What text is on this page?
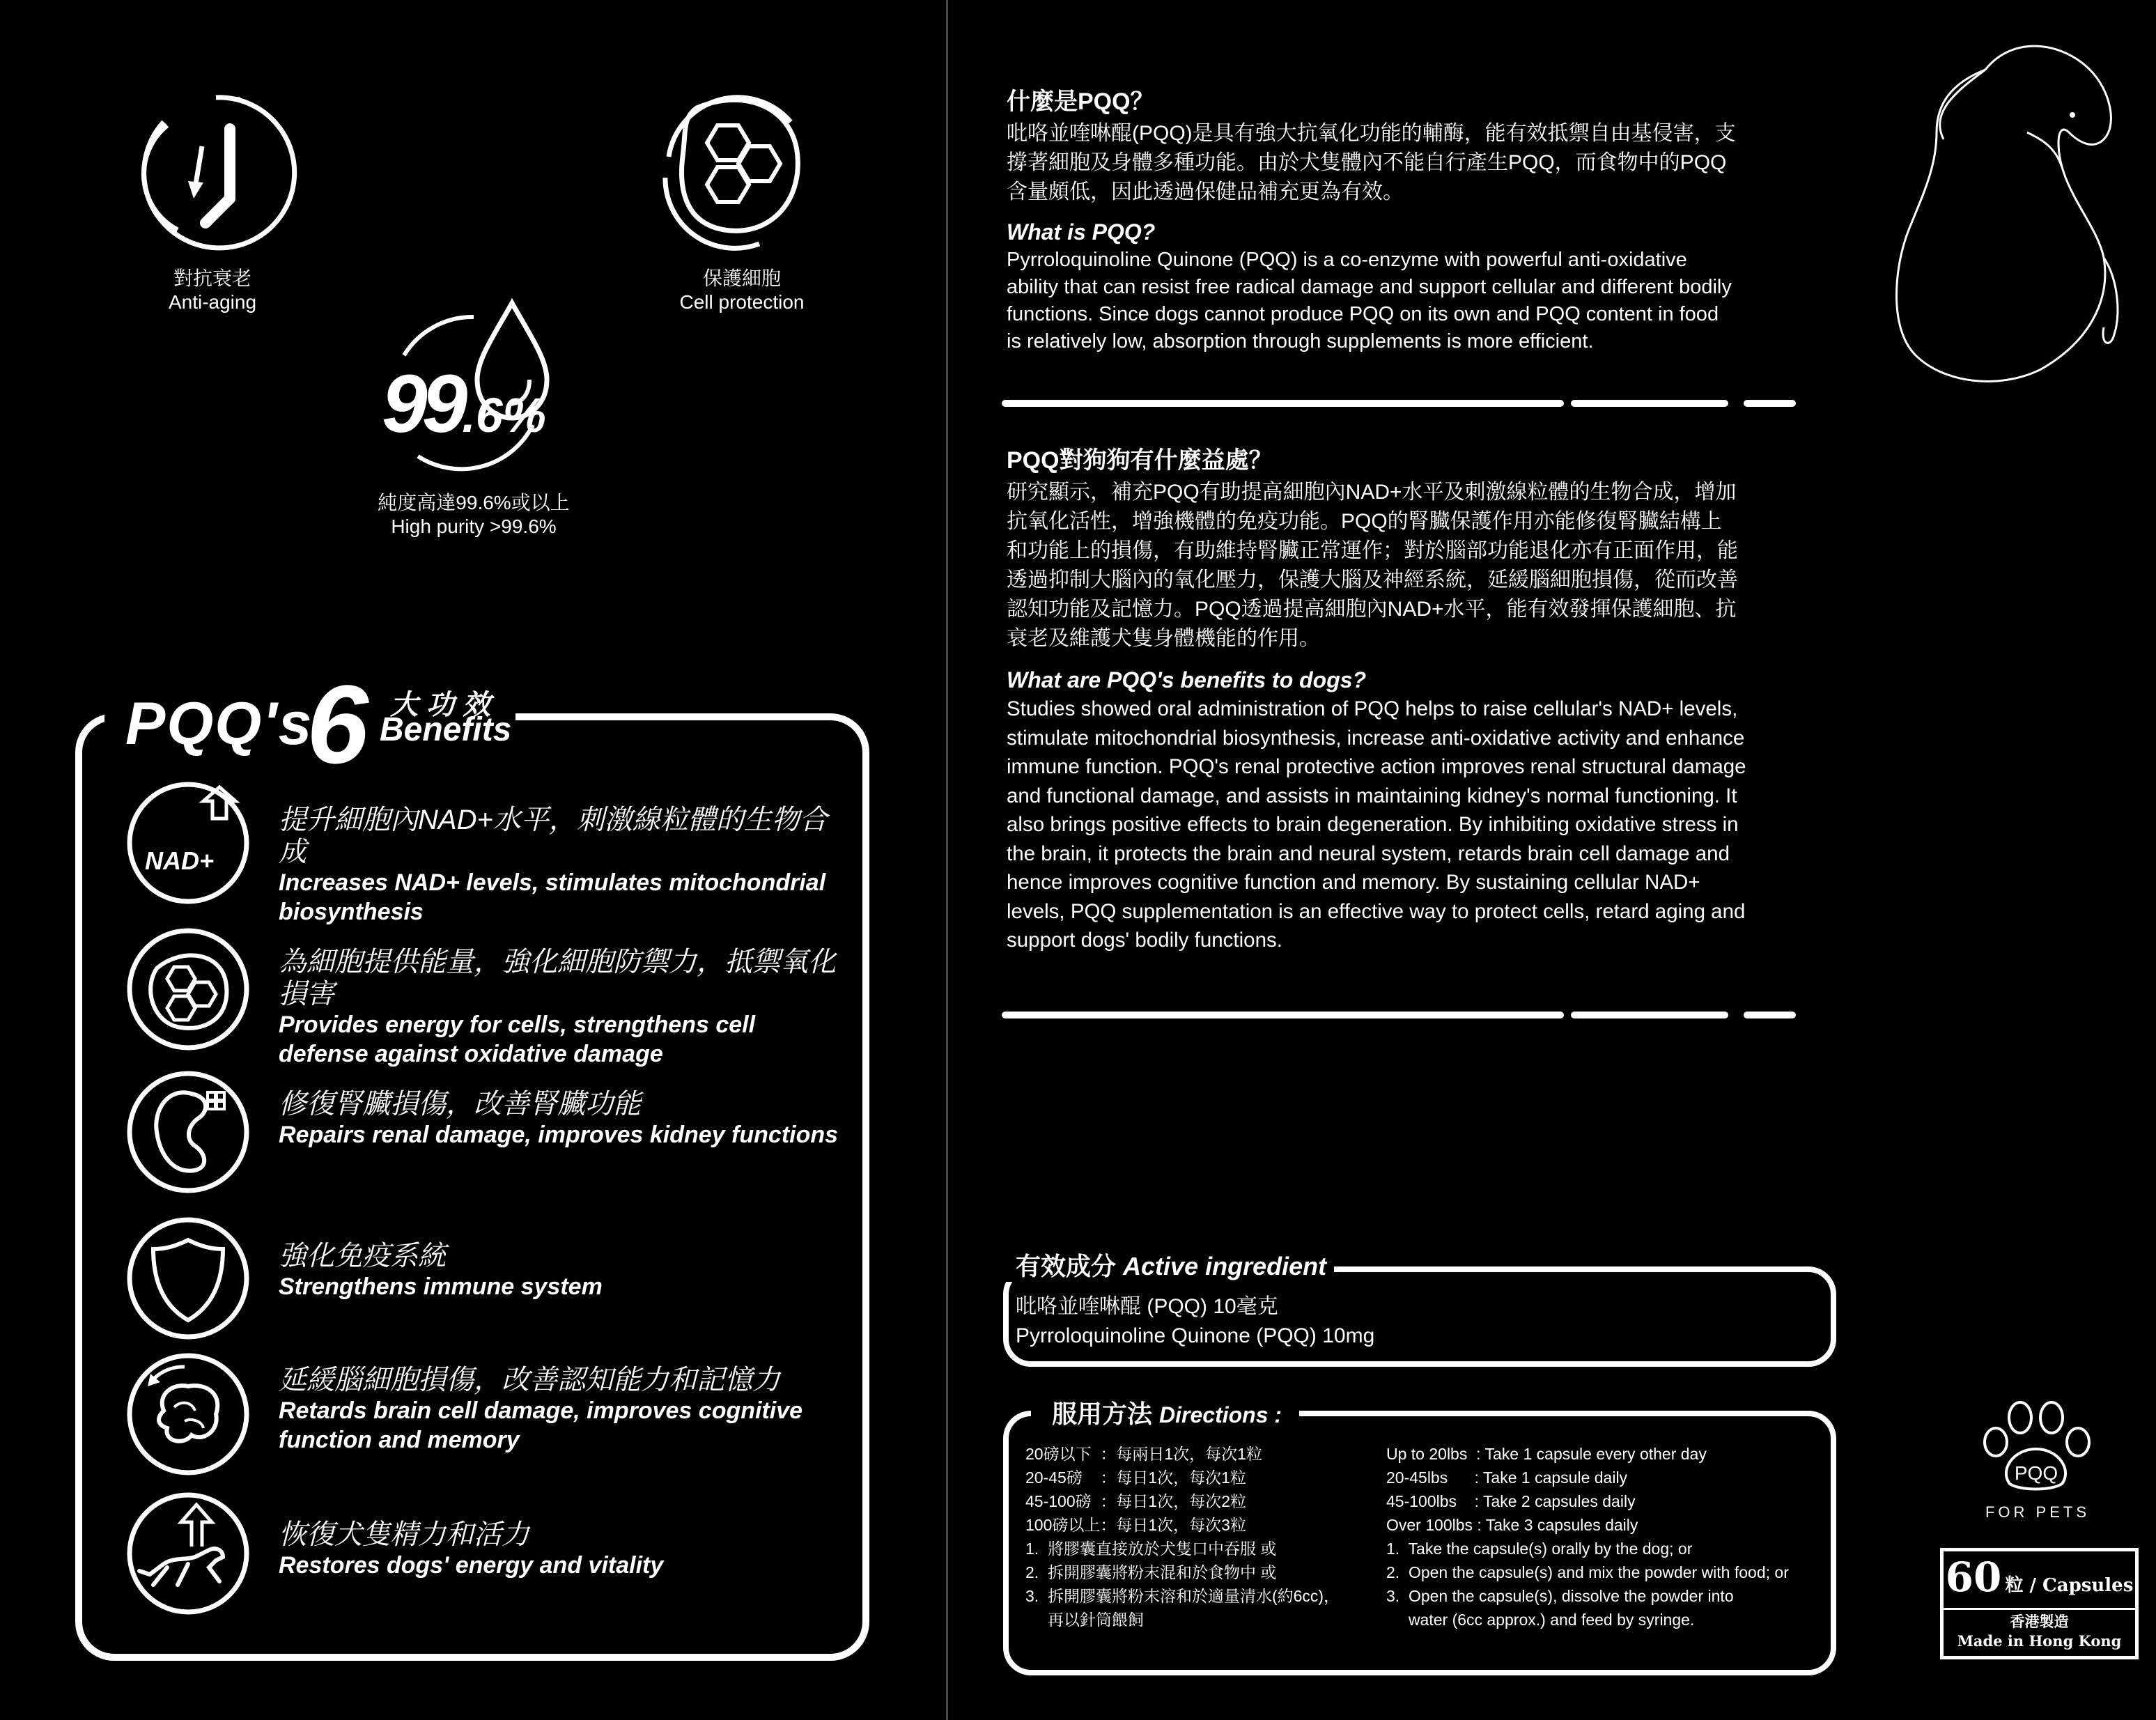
對抗衰老
Anti-aging
保護細胞
Cell protection
99.6%
純度高達99.6%或以上
High purity >99.6%
PQQ's
6 大功效
Benefits
NAD+
提升細胞內NAD+水平，刺激線粒體的生物合成
Increases NAD+ levels, stimulates mitochondrial
biosynthesis
為細胞提供能量，強化細胞防禦力，抵禦氧化損害
Provides energy for cells, strengthens cell
defense against oxidative damage
修復腎臟損傷，改善腎臟功能
Repairs renal damage, improves kidney functions
強化免疫系統
Strengthens immune system
延緩腦細胞損傷，改善認知能力和記憶力
Retards brain cell damage, improves cognitive
function and memory
恢復犬隻精力和活力
Restores dogs' energy and vitality
什麼是PQQ？
吡咯並喹啉醌(PQQ)是具有強大抗氧化功能的輔酶，能有效抵禦自由基侵害，支
撐著細胞及身體多種功能。由於犬隻體內不能自行產生PQQ，而食物中的PQQ
含量頗低，因此透過保健品補充更為有效。
What is PQQ?
Pyrroloquinoline Quinone (PQQ) is a co-enzyme with powerful anti-oxidative
ability that can resist free radical damage and support cellular and different bodily
functions. Since dogs cannot produce PQQ on its own and PQQ content in food
is relatively low, absorption through supplements is more efficient.
PQQ對狗狗有什麼益處？
研究顯示，補充PQQ有助提高細胞內NAD+水平及刺激線粒體的生物合成，增加
抗氧化活性，增強機體的免疫功能。PQQ的腎臟保護作用亦能修復腎臟結構上
和功能上的損傷，有助維持腎臟正常運作；對於腦部功能退化亦有正面作用，能
透過抑制大腦內的氧化壓力，保護大腦及神經系統，延緩腦細胞損傷，從而改善
認知功能及記憶力。PQQ透過提高細胞內NAD+水平，能有效發揮保護細胞、抗
衰老及維護犬隻身體機能的作用。
What are PQQ's benefits to dogs?
Studies showed oral administration of PQQ helps to raise cellular's NAD+ levels,
stimulate mitochondrial biosynthesis, increase anti-oxidative activity and enhance
immune function. PQQ's renal protective action improves renal structural damage
and functional damage, and assists in maintaining kidney's normal functioning. It
also brings positive effects to brain degeneration. By inhibiting oxidative stress in
the brain, it protects the brain and neural system, retards brain cell damage and
hence improves cognitive function and memory. By sustaining cellular NAD+
levels, PQQ supplementation is an effective way to protect cells, retard aging and
support dogs' bodily functions.
有效成分 Active ingredient
吡咯並喹啉醌 (PQQ) 10毫克
Pyrroloquinoline Quinone (PQQ) 10mg
服用方法 Directions :
20磅以下  ：每兩日1次，每次1粒
20-45磅    ：每日1次，每次1粒
45-100磅  ：每日1次，每次2粒
100磅以上：每日1次，每次3粒
1.  將膠囊直接放於犬隻口中吞服 或
2.  拆開膠囊將粉末混和於食物中 或
3.  拆開膠囊將粉末溶和於適量清水(約6cc)，
再以針筒餵飼
Up to 20lbs  : Take 1 capsule every other day
20-45lbs      : Take 1 capsule daily
45-100lbs    : Take 2 capsules daily
Over 100lbs : Take 3 capsules daily
1.  Take the capsule(s) orally by the dog; or
2.  Open the capsule(s) and mix the powder with food; or
3.  Open the capsule(s), dissolve the powder into
water (6cc approx.) and feed by syringe.
PQQ
FOR PETS
60 粒 / Capsules
香港製造
Made in Hong Kong
